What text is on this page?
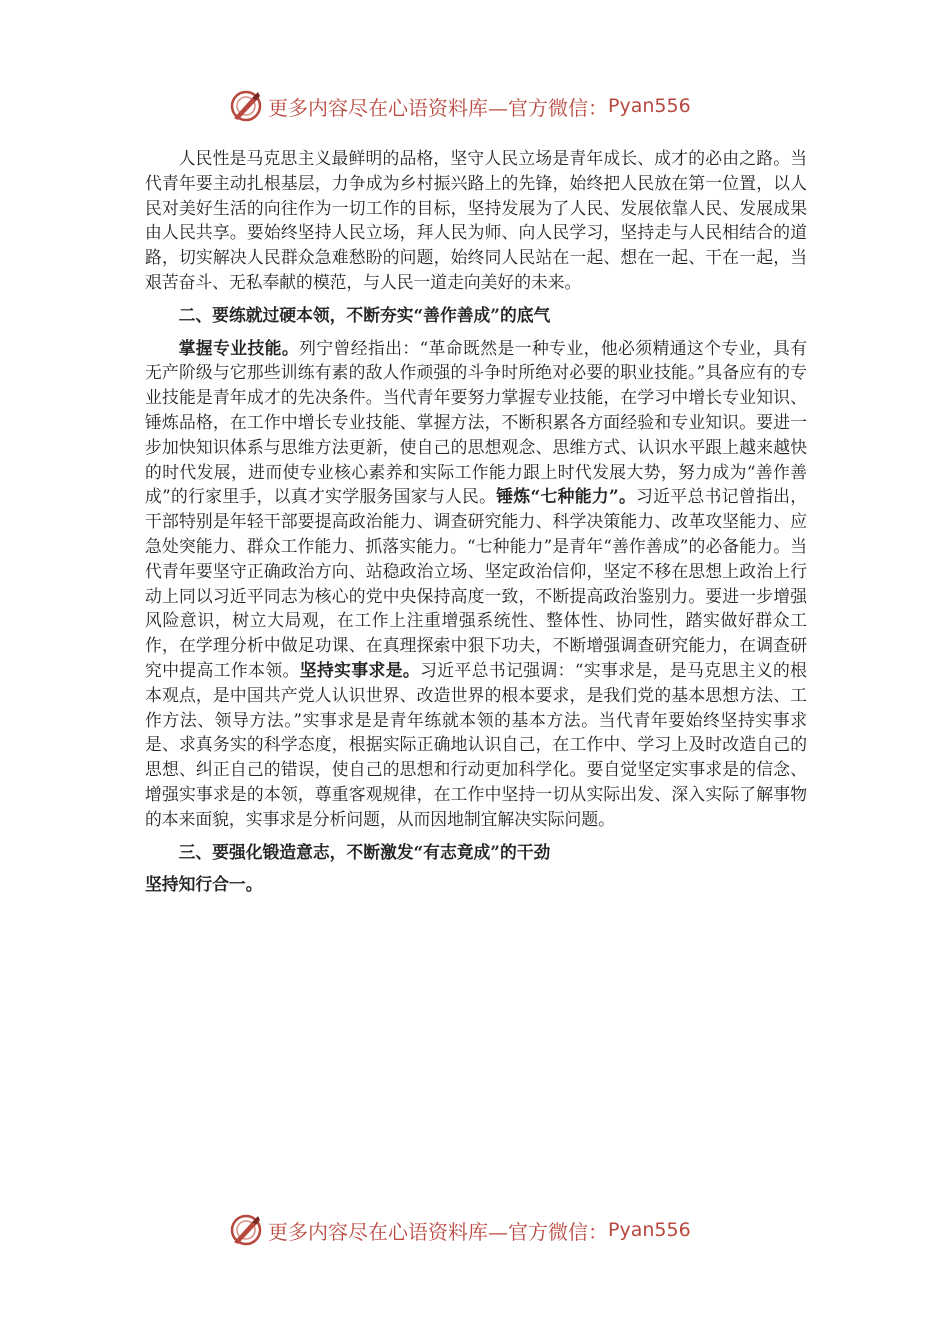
更多内容尽在心语资料库—官方微信： Pyan556

人民性是马克思主义最鲜明的品格，坚守人民立场是青年成长、成才的必由之路。当代青年要主动扎根基层，力争成为乡村振兴路上的先锋，始终把人民放在第一位置，以人民对美好生活的向往作为一切工作的目标，坚持发展为了人民、发展依靠人民、发展成果由人民共享。要始终坚持人民立场，拜人民为师、向人民学习，坚持走与人民相结合的道路，切实解决人民群众急难愁盼的问题，始终同人民站在一起、想在一起、干在一起，当艰苦奋斗、无私奉献的模范，与人民一道走向美好的未来。

二、要练就过硬本领，不断夯实“善作善成”的底气

掌握专业技能。列宁曾经指出：“革命既然是一种专业，他必须精通这个专业，具有无产阶级与它那些训练有素的敌人作顽强的斗争时所绝对必要的职业技能。”具备应有的专业技能是青年成才的先决条件。当代青年要努力掌握专业技能，在学习中增长专业知识、锤炼品格，在工作中增长专业技能、掌握方法，不断积累各方面经验和专业知识。要进一步加快知识体系与思维方法更新，使自己的思想观念、思维方式、认识水平跟上越来越快的时代发展，进而使专业核心素养和实际工作能力跟上时代发展大势，努力成为“善作善成”的行家里手，以真才实学服务国家与人民。锤炼“七种能力”。习近平总书记曾指出，干部特别是年轻干部要提高政治能力、调查研究能力、科学决策能力、改革攻坚能力、应急处突能力、群众工作能力、抓落实能力。“七种能力”是青年“善作善成”的必备能力。当代青年要坚守正确政治方向、站稳政治立场、坚定政治信仰，坚定不移在思想上政治上行动上同以习近平同志为核心的党中央保持高度一致，不断提高政治鉴别力。要进一步增强风险意识，树立大局观，在工作上注重增强系统性、整体性、协同性，踏实做好群众工作，在学理分析中做足功课、在真理探索中狠下功夫，不断增强调查研究能力，在调查研究中提高工作本领。坚持实事求是。习近平总书记强调：“实事求是，是马克思主义的根本观点，是中国共产党人认识世界、改造世界的根本要求，是我们党的基本思想方法、工作方法、领导方法。”实事求是是青年练就本领的基本方法。当代青年要始终坚持实事求是、求真务实的科学态度，根据实际正确地认识自己，在工作中、学习上及时改造自己的思想、纠正自己的错误，使自己的思想和行动更加科学化。要自觉坚定实事求是的信念、增强实事求是的本领，尊重客观规律，在工作中坚持一切从实际出发、深入实际了解事物的本来面貌，实事求是分析问题，从而因地制宜解决实际问题。

三、要强化锻造意志，不断激发“有志竟成”的干劲

坚持知行合一。

更多内容尽在心语资料库—官方微信： Pyan556
